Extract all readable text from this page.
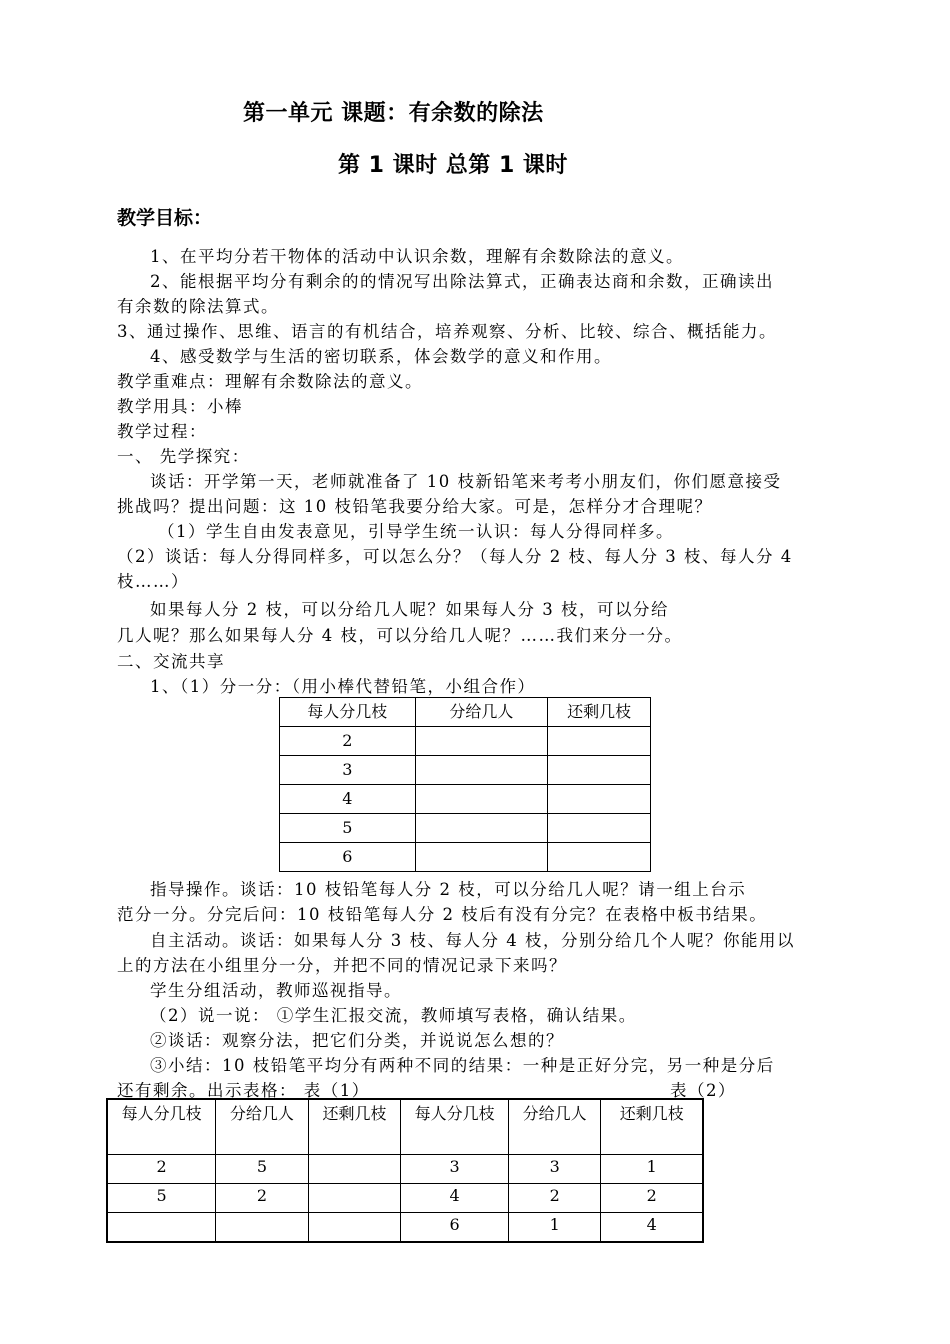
第一单元 课题：有余数的除法
第 1 课时 总第 1 课时
教学目标：
1、在平均分若干物体的活动中认识余数，理解有余数除法的意义。
2、能根据平均分有剩余的的情况写出除法算式，正确表达商和余数，正确读出
有余数的除法算式。
3、通过操作、思维、语言的有机结合，培养观察、分析、比较、综合、概括能力。
4、感受数学与生活的密切联系，体会数学的意义和作用。
教学重难点：理解有余数除法的意义。
教学用具：小棒
教学过程：
一、 先学探究：
谈话：开学第一天，老师就准备了 10 枝新铅笔来考考小朋友们，你们愿意接受
挑战吗？提出问题：这 10 枝铅笔我要分给大家。可是，怎样分才合理呢？
（1）学生自由发表意见，引导学生统一认识：每人分得同样多。
（2）谈话：每人分得同样多，可以怎么分？（每人分 2 枝、每人分 3 枝、每人分 4
枝……）
如果每人分 2 枝，可以分给几人呢？如果每人分 3 枝，可以分给
几人呢？那么如果每人分 4 枝，可以分给几人呢？……我们来分一分。
二、交流共享
1、（1）分一分：（用小棒代替铅笔，小组合作）
每人分几枝	分给几人	还剩几枝
2		
3		
4		
5		
6		
指导操作。谈话：10 枝铅笔每人分 2 枝，可以分给几人呢？请一组上台示
范分一分。分完后问：10 枝铅笔每人分 2 枝后有没有分完？在表格中板书结果。
自主活动。谈话：如果每人分 3 枝、每人分 4 枝，分别分给几个人呢？你能用以
上的方法在小组里分一分，并把不同的情况记录下来吗？
学生分组活动，教师巡视指导。
（2）说一说： ①学生汇报交流，教师填写表格，确认结果。
②谈话：观察分法，把它们分类，并说说怎么想的？
③小结：10 枝铅笔平均分有两种不同的结果：一种是正好分完，另一种是分后
还有剩余。出示表格： 表（1）	表（2）
每人分几枝	分给几人	还剩几枝	每人分几枝	分给几人	还剩几枝
2	5		3	3	1
5	2		4	2	2
			6	1	4
